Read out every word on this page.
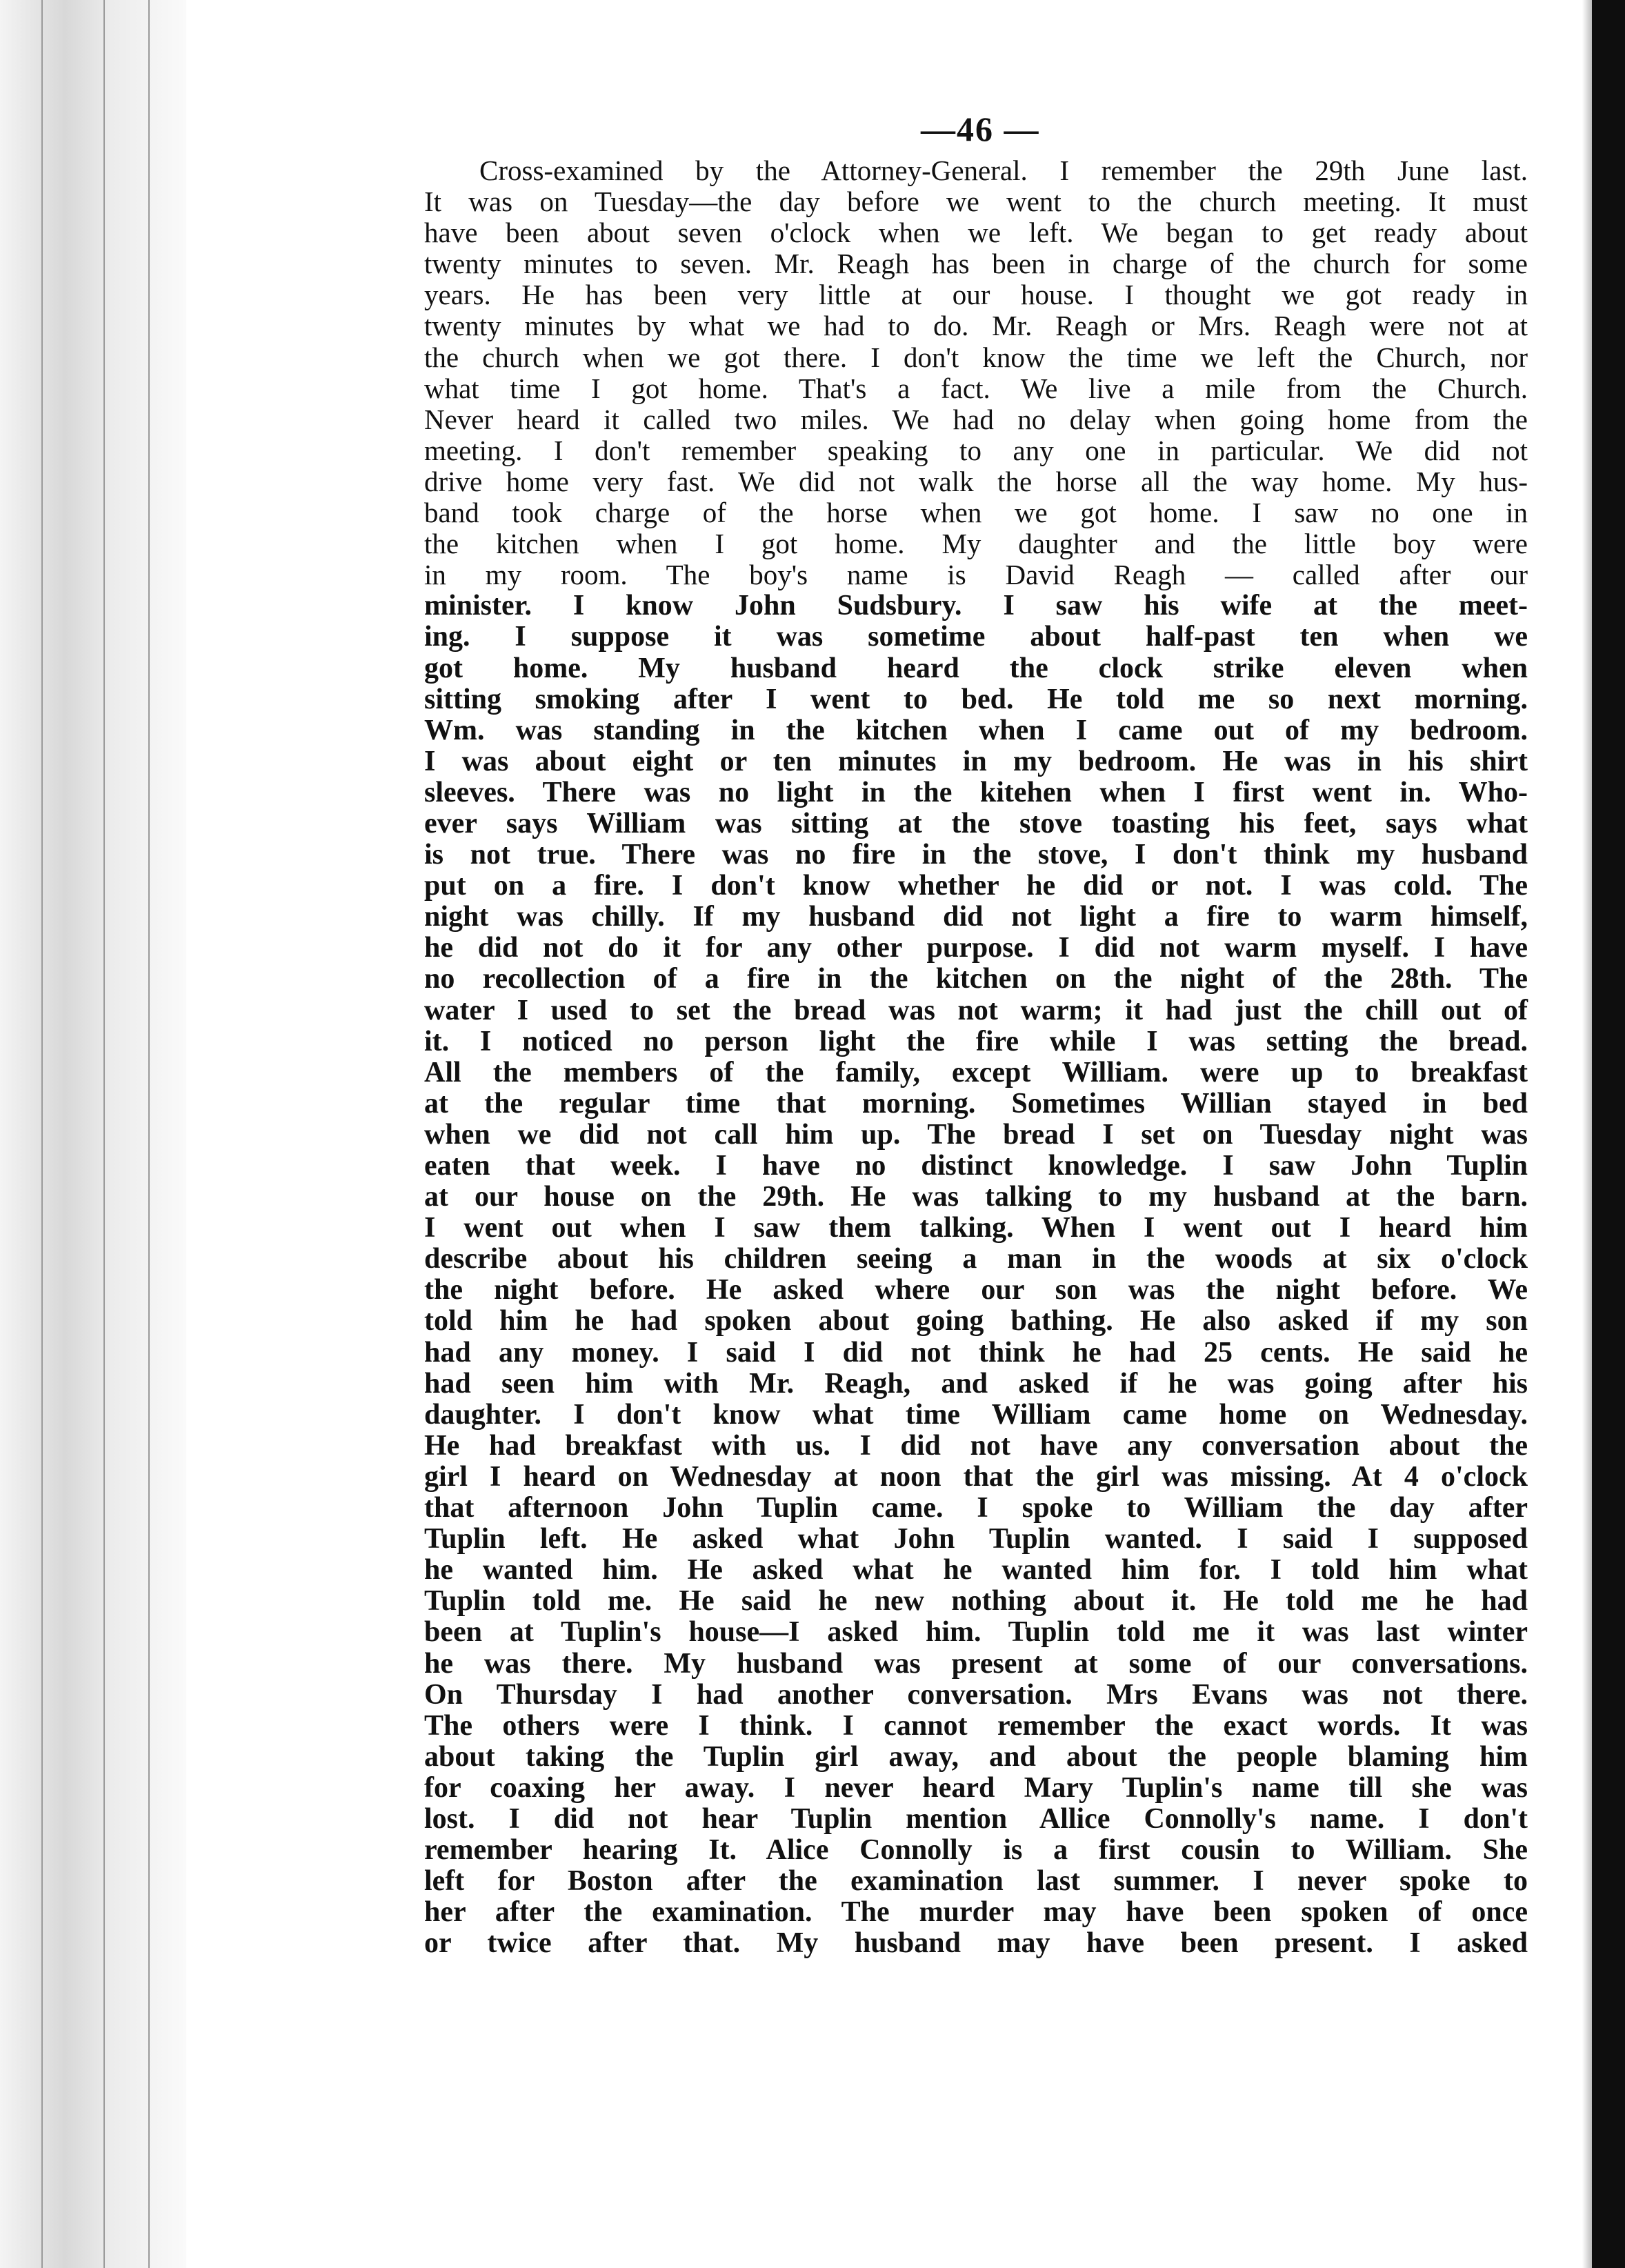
—46 —
Cross-examined by the Attorney-General. I remember the 29th June last.
It was on Tuesday—the day before we went to the church meeting. It must
have been about seven o'clock when we left. We began to get ready about
twenty minutes to seven. Mr. Reagh has been in charge of the church for some
years. He has been very little at our house. I thought we got ready in
twenty minutes by what we had to do. Mr. Reagh or Mrs. Reagh were not at
the church when we got there. I don't know the time we left the Church, nor
what time I got home. That's a fact. We live a mile from the Church.
Never heard it called two miles. We had no delay when going home from the
meeting. I don't remember speaking to any one in particular. We did not
drive home very fast. We did not walk the horse all the way home. My hus-
band took charge of the horse when we got home. I saw no one in
the kitchen when I got home. My daughter and the little boy were
in my room. The boy's name is David Reagh — called after our
minister. I know John Sudsbury. I saw his wife at the meet-
ing. I suppose it was sometime about half-past ten when we
got home. My husband heard the clock strike eleven when
sitting smoking after I went to bed. He told me so next morning.
Wm. was standing in the kitchen when I came out of my bedroom.
I was about eight or ten minutes in my bedroom. He was in his shirt
sleeves. There was no light in the kitehen when I first went in. Who-
ever says William was sitting at the stove toasting his feet, says what
is not true. There was no fire in the stove, I don't think my husband
put on a fire. I don't know whether he did or not. I was cold. The
night was chilly. If my husband did not light a fire to warm himself,
he did not do it for any other purpose. I did not warm myself. I have
no recollection of a fire in the kitchen on the night of the 28th. The
water I used to set the bread was not warm; it had just the chill out of
it. I noticed no person light the fire while I was setting the bread.
All the members of the family, except William. were up to breakfast
at the regular time that morning. Sometimes Willian stayed in bed
when we did not call him up. The bread I set on Tuesday night was
eaten that week. I have no distinct knowledge. I saw John Tuplin
at our house on the 29th. He was talking to my husband at the barn.
I went out when I saw them talking. When I went out I heard him
describe about his children seeing a man in the woods at six o'clock
the night before. He asked where our son was the night before. We
told him he had spoken about going bathing. He also asked if my son
had any money. I said I did not think he had 25 cents. He said he
had seen him with Mr. Reagh, and asked if he was going after his
daughter. I don't know what time William came home on Wednesday.
He had breakfast with us. I did not have any conversation about the
girl I heard on Wednesday at noon that the girl was missing. At 4 o'clock
that afternoon John Tuplin came. I spoke to William the day after
Tuplin left. He asked what John Tuplin wanted. I said I supposed
he wanted him. He asked what he wanted him for. I told him what
Tuplin told me. He said he new nothing about it. He told me he had
been at Tuplin's house—I asked him. Tuplin told me it was last winter
he was there. My husband was present at some of our conversations.
On Thursday I had another conversation. Mrs Evans was not there.
The others were I think. I cannot remember the exact words. It was
about taking the Tuplin girl away, and about the people blaming him
for coaxing her away. I never heard Mary Tuplin's name till she was
lost. I did not hear Tuplin mention Allice Connolly's name. I don't
remember hearing It. Alice Connolly is a first cousin to William. She
left for Boston after the examination last summer. I never spoke to
her after the examination. The murder may have been spoken of once
or twice after that. My husband may have been present. I asked
